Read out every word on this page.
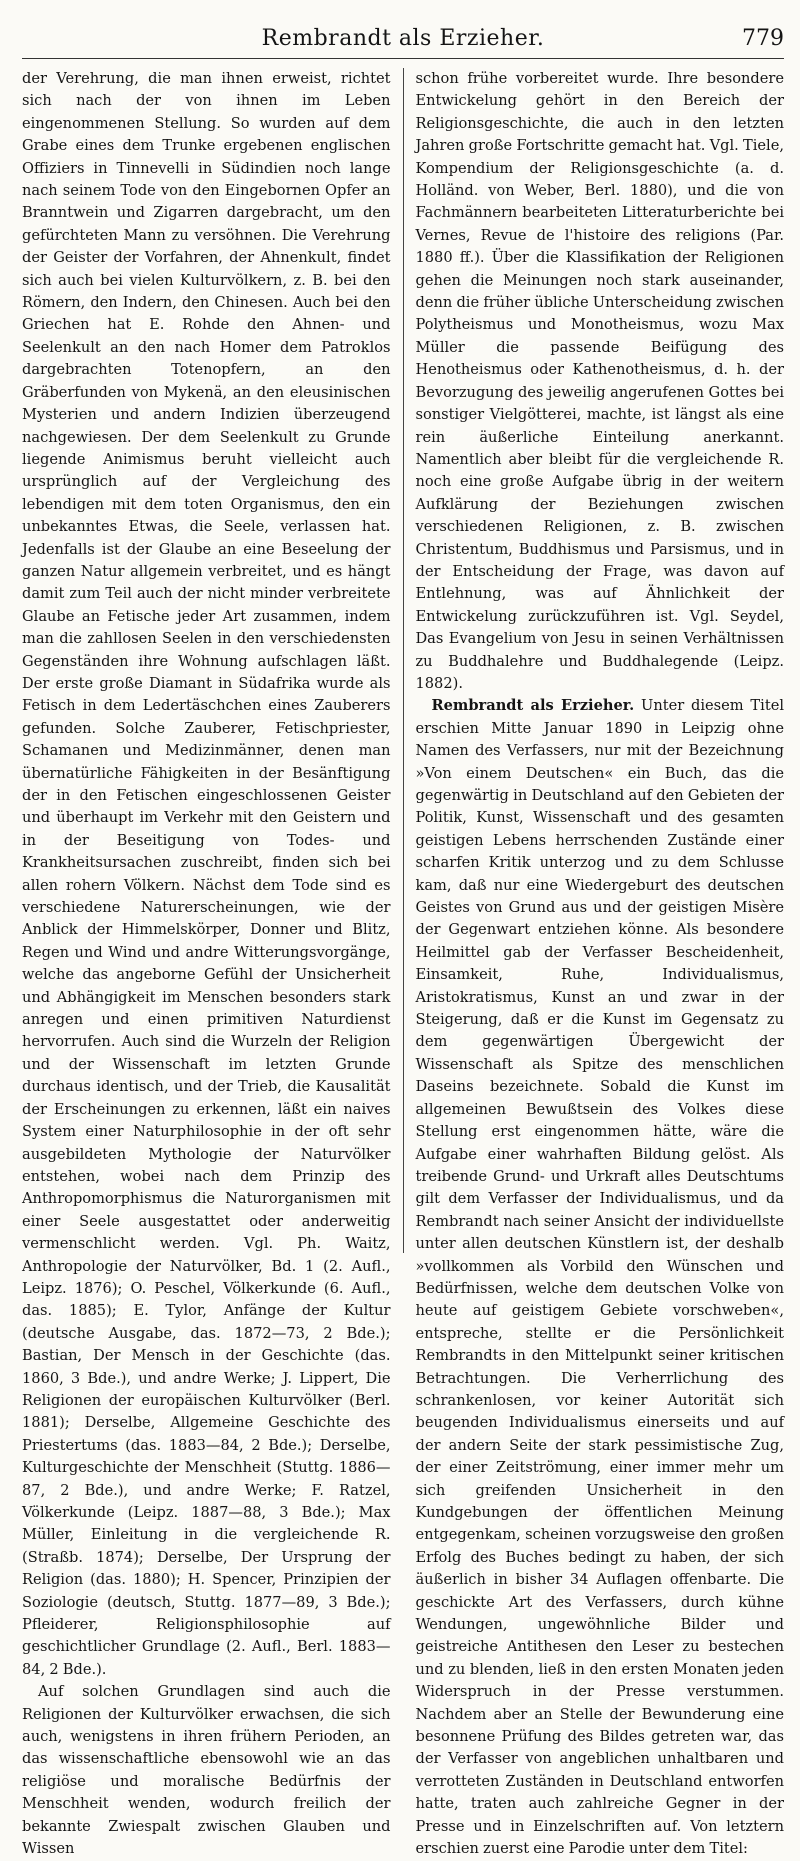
Rembrandt als Erzieher.	779

der Verehrung, die man ihnen erweist, richtet sich nach der von ihnen im Leben eingenommenen Stellung. So wurden auf dem Grabe eines dem Trunke ergebenen englischen Offiziers in Tinnevelli in Südindien noch lange nach seinem Tode von den Eingebornen Opfer an Branntwein und Zigarren dargebracht, um den gefürchteten Mann zu versöhnen. Die Verehrung der Geister der Vorfahren, der Ahnenkult, findet sich auch bei vielen Kulturvölkern, z. B. bei den Römern, den Indern, den Chinesen. Auch bei den Griechen hat E. Rohde den Ahnen- und Seelenkult an den nach Homer dem Patroklos dargebrachten Totenopfern, an den Gräberfunden von Mykenä, an den eleusinischen Mysterien und andern Indizien überzeugend nachgewiesen. Der dem Seelenkult zu Grunde liegende Animismus beruht vielleicht auch ursprünglich auf der Vergleichung des lebendigen mit dem toten Organismus, den ein unbekanntes Etwas, die Seele, verlassen hat. Jedenfalls ist der Glaube an eine Beseelung der ganzen Natur allgemein verbreitet, und es hängt damit zum Teil auch der nicht minder verbreitete Glaube an Fetische jeder Art zusammen, indem man die zahllosen Seelen in den verschiedensten Gegenständen ihre Wohnung aufschlagen läßt. Der erste große Diamant in Südafrika wurde als Fetisch in dem Ledertäschchen eines Zauberers gefunden. Solche Zauberer, Fetischpriester, Schamanen und Medizinmänner, denen man übernatürliche Fähigkeiten in der Besänftigung der in den Fetischen eingeschlossenen Geister und überhaupt im Verkehr mit den Geistern und in der Beseitigung von Todes- und Krankheitsursachen zuschreibt, finden sich bei allen rohern Völkern. Nächst dem Tode sind es verschiedene Naturerscheinungen, wie der Anblick der Himmelskörper, Donner und Blitz, Regen und Wind und andre Witterungsvorgänge, welche das angeborne Gefühl der Unsicherheit und Abhängigkeit im Menschen besonders stark anregen und einen primitiven Naturdienst hervorrufen. Auch sind die Wurzeln der Religion und der Wissenschaft im letzten Grunde durchaus identisch, und der Trieb, die Kausalität der Erscheinungen zu erkennen, läßt ein naives System einer Naturphilosophie in der oft sehr ausgebildeten Mythologie der Naturvölker entstehen, wobei nach dem Prinzip des Anthropomorphismus die Naturorganismen mit einer Seele ausgestattet oder anderweitig vermenschlicht werden. Vgl. Ph. Waitz, Anthropologie der Naturvölker, Bd. 1 (2. Aufl., Leipz. 1876); O. Peschel, Völkerkunde (6. Aufl., das. 1885); E. Tylor, Anfänge der Kultur (deutsche Ausgabe, das. 1872—73, 2 Bde.); Bastian, Der Mensch in der Geschichte (das. 1860, 3 Bde.), und andre Werke; J. Lippert, Die Religionen der europäischen Kulturvölker (Berl. 1881); Derselbe, Allgemeine Geschichte des Priestertums (das. 1883—84, 2 Bde.); Derselbe, Kulturgeschichte der Menschheit (Stuttg. 1886—87, 2 Bde.), und andre Werke; F. Ratzel, Völkerkunde (Leipz. 1887—88, 3 Bde.); Max Müller, Einleitung in die vergleichende R. (Straßb. 1874); Derselbe, Der Ursprung der Religion (das. 1880); H. Spencer, Prinzipien der Soziologie (deutsch, Stuttg. 1877—89, 3 Bde.); Pfleiderer, Religionsphilosophie auf geschichtlicher Grundlage (2. Aufl., Berl. 1883—84, 2 Bde.).

Auf solchen Grundlagen sind auch die Religionen der Kulturvölker erwachsen, die sich auch, wenigstens in ihren frühern Perioden, an das wissenschaftliche ebensowohl wie an das religiöse und moralische Bedürfnis der Menschheit wenden, wodurch freilich der bekannte Zwiespalt zwischen Glauben und Wissen

schon frühe vorbereitet wurde. Ihre besondere Entwickelung gehört in den Bereich der Religionsgeschichte, die auch in den letzten Jahren große Fortschritte gemacht hat. Vgl. Tiele, Kompendium der Religionsgeschichte (a. d. Holländ. von Weber, Berl. 1880), und die von Fachmännern bearbeiteten Litteraturberichte bei Vernes, Revue de l'histoire des religions (Par. 1880 ff.). Über die Klassifikation der Religionen gehen die Meinungen noch stark auseinander, denn die früher übliche Unterscheidung zwischen Polytheismus und Monotheismus, wozu Max Müller die passende Beifügung des Henotheismus oder Kathenotheismus, d. h. der Bevorzugung des jeweilig angerufenen Gottes bei sonstiger Vielgötterei, machte, ist längst als eine rein äußerliche Einteilung anerkannt. Namentlich aber bleibt für die vergleichende R. noch eine große Aufgabe übrig in der weitern Aufklärung der Beziehungen zwischen verschiedenen Religionen, z. B. zwischen Christentum, Buddhismus und Parsismus, und in der Entscheidung der Frage, was davon auf Entlehnung, was auf Ähnlichkeit der Entwickelung zurückzuführen ist. Vgl. Seydel, Das Evangelium von Jesu in seinen Verhältnissen zu Buddhalehre und Buddhalegende (Leipz. 1882).

Rembrandt als Erzieher. Unter diesem Titel erschien Mitte Januar 1890 in Leipzig ohne Namen des Verfassers, nur mit der Bezeichnung »Von einem Deutschen« ein Buch, das die gegenwärtig in Deutschland auf den Gebieten der Politik, Kunst, Wissenschaft und des gesamten geistigen Lebens herrschenden Zustände einer scharfen Kritik unterzog und zu dem Schlusse kam, daß nur eine Wiedergeburt des deutschen Geistes von Grund aus und der geistigen Misère der Gegenwart entziehen könne. Als besondere Heilmittel gab der Verfasser Bescheidenheit, Einsamkeit, Ruhe, Individualismus, Aristokratismus, Kunst an und zwar in der Steigerung, daß er die Kunst im Gegensatz zu dem gegenwärtigen Übergewicht der Wissenschaft als Spitze des menschlichen Daseins bezeichnete. Sobald die Kunst im allgemeinen Bewußtsein des Volkes diese Stellung erst eingenommen hätte, wäre die Aufgabe einer wahrhaften Bildung gelöst. Als treibende Grund- und Urkraft alles Deutschtums gilt dem Verfasser der Individualismus, und da Rembrandt nach seiner Ansicht der individuellste unter allen deutschen Künstlern ist, der deshalb »vollkommen als Vorbild den Wünschen und Bedürfnissen, welche dem deutschen Volke von heute auf geistigem Gebiete vorschweben«, entspreche, stellte er die Persönlichkeit Rembrandts in den Mittelpunkt seiner kritischen Betrachtungen. Die Verherrlichung des schrankenlosen, vor keiner Autorität sich beugenden Individualismus einerseits und auf der andern Seite der stark pessimistische Zug, der einer Zeitströmung, einer immer mehr um sich greifenden Unsicherheit in den Kundgebungen der öffentlichen Meinung entgegenkam, scheinen vorzugsweise den großen Erfolg des Buches bedingt zu haben, der sich äußerlich in bisher 34 Auflagen offenbarte. Die geschickte Art des Verfassers, durch kühne Wendungen, ungewöhnliche Bilder und geistreiche Antithesen den Leser zu bestechen und zu blenden, ließ in den ersten Monaten jeden Widerspruch in der Presse verstummen. Nachdem aber an Stelle der Bewunderung eine besonnene Prüfung des Bildes getreten war, das der Verfasser von angeblichen unhaltbaren und verrotteten Zuständen in Deutschland entworfen hatte, traten auch zahlreiche Gegner in der Presse und in Einzelschriften auf. Von letztern erschien zuerst eine Parodie unter dem Titel:
